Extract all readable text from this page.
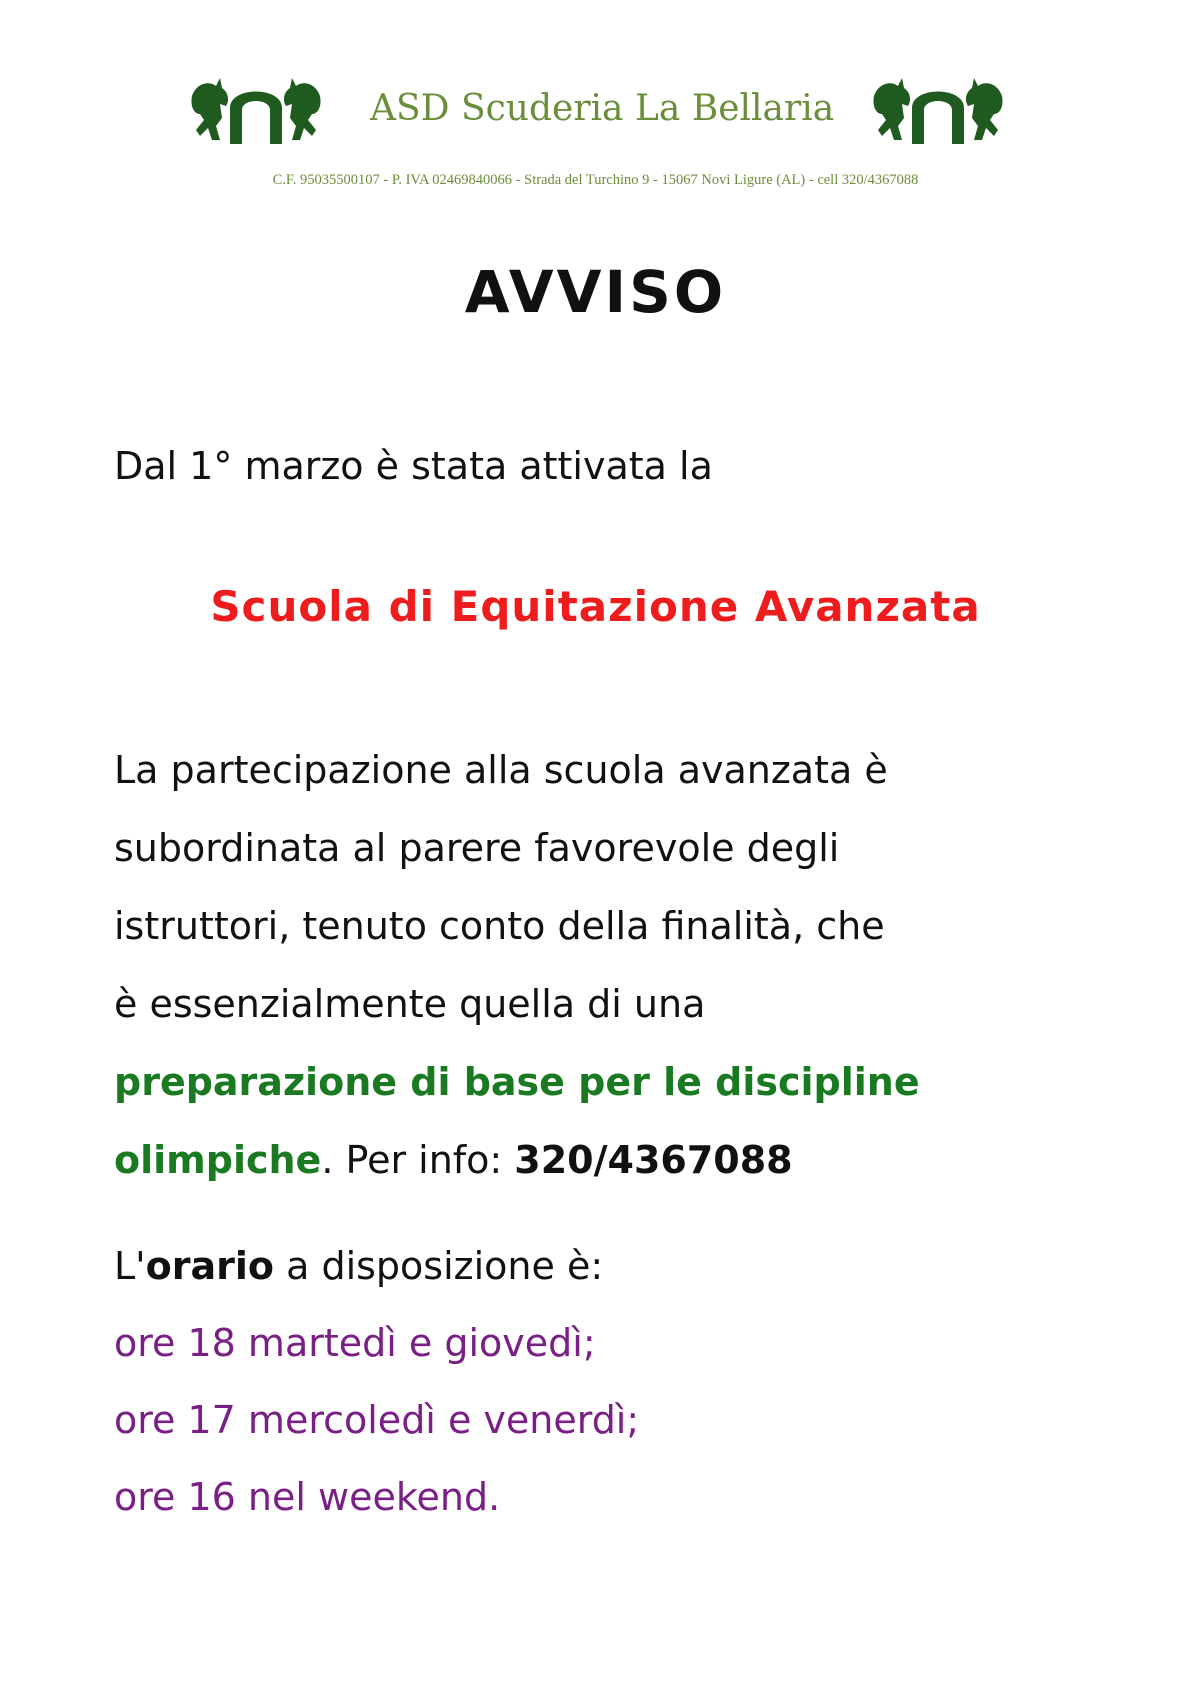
ASD Scuderia La Bellaria
C.F. 95035500107 - P. IVA 02469840066 - Strada del Turchino 9 - 15067 Novi Ligure (AL) - cell 320/4367088
AVVISO
Dal 1° marzo è stata attivata la
Scuola di Equitazione Avanzata
La partecipazione alla scuola avanzata è
subordinata al parere favorevole degli
istruttori, tenuto conto della finalità, che
è essenzialmente quella di una
preparazione di base per le discipline
olimpiche. Per info: 320/4367088
L'orario a disposizione è:
ore 18 martedì e giovedì;
ore 17 mercoledì e venerdì;
ore 16 nel weekend.
